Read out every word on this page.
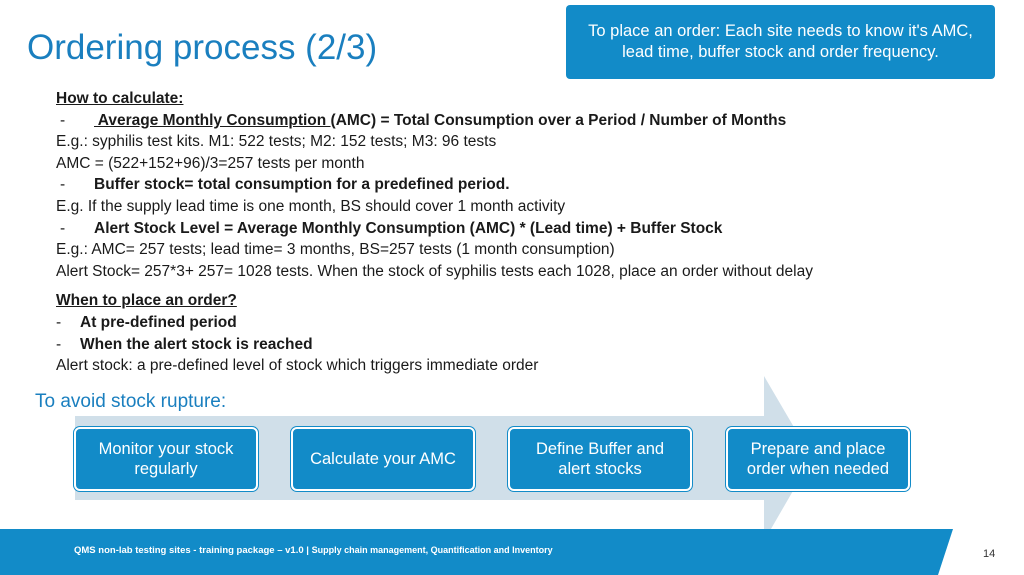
Ordering process (2/3)	To place an order: Each site needs to know it's AMC, lead time, buffer stock and order frequency.
How to calculate:
- Average Monthly Consumption (AMC) = Total Consumption over a Period / Number of Months
E.g.: syphilis test kits. M1: 522 tests; M2: 152 tests; M3: 96 tests
AMC = (522+152+96)/3=257 tests per month
- Buffer stock= total consumption for a predefined period.
E.g. If the supply lead time is one month, BS should cover 1 month activity
- Alert Stock Level = Average Monthly Consumption (AMC) * (Lead time) + Buffer Stock
E.g.: AMC= 257 tests; lead time= 3 months, BS=257 tests (1 month consumption)
Alert Stock= 257*3+ 257= 1028 tests. When the stock of syphilis tests each 1028, place an order without delay
When to place an order?
- At pre-defined period
- When the alert stock is reached
Alert stock: a pre-defined level of stock which triggers immediate order
To avoid stock rupture:
Monitor your stock regularly
Calculate your AMC
Define Buffer and alert stocks
Prepare and place order when needed
QMS non-lab testing sites - training package – v1.0 | Supply chain management, Quantification and Inventory	14
